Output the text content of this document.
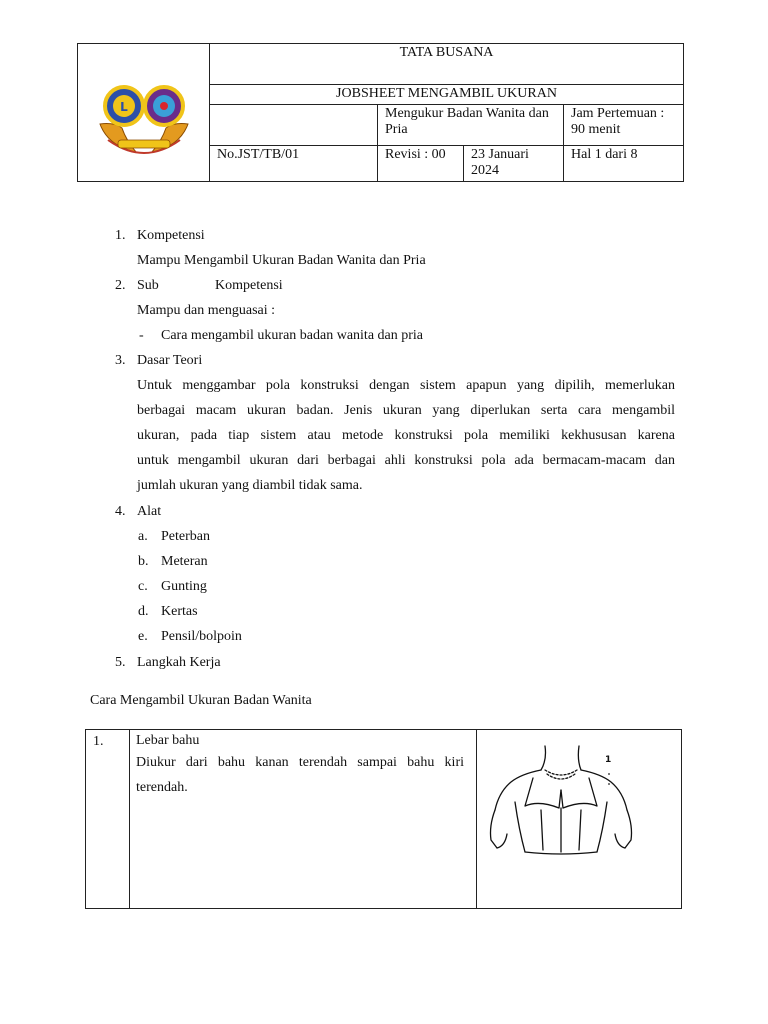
L	TATA BUSANA			
	JOBSHEET MENGAMBIL UKURAN			
		Mengukur Badan Wanita dan Pria		Jam Pertemuan : 90 menit
	No.JST/TB/01	Revisi : 00	23 Januari 2024	Hal 1 dari 8
1. Kompetensi
Mampu Mengambil Ukuran Badan Wanita dan Pria
2. Sub	Kompetensi
Mampu dan menguasai :
- Cara mengambil ukuran badan wanita dan pria
3. Dasar Teori
Untuk menggambar pola konstruksi dengan sistem apapun yang dipilih, memerlukan
berbagai macam ukuran badan. Jenis ukuran yang diperlukan serta cara mengambil
ukuran, pada tiap sistem atau metode konstruksi pola memiliki kekhususan karena
untuk mengambil ukuran dari berbagai ahli konstruksi pola ada bermacam-macam dan
jumlah ukuran yang diambil tidak sama.
4. Alat
a. Peterban
b. Meteran
c. Gunting
d. Kertas
e. Pensil/bolpoin
5. Langkah Kerja
Cara Mengambil Ukuran Badan Wanita
1.	Lebar bahu
Diukur dari bahu kanan terendah sampai bahu kiri terendah.

1
